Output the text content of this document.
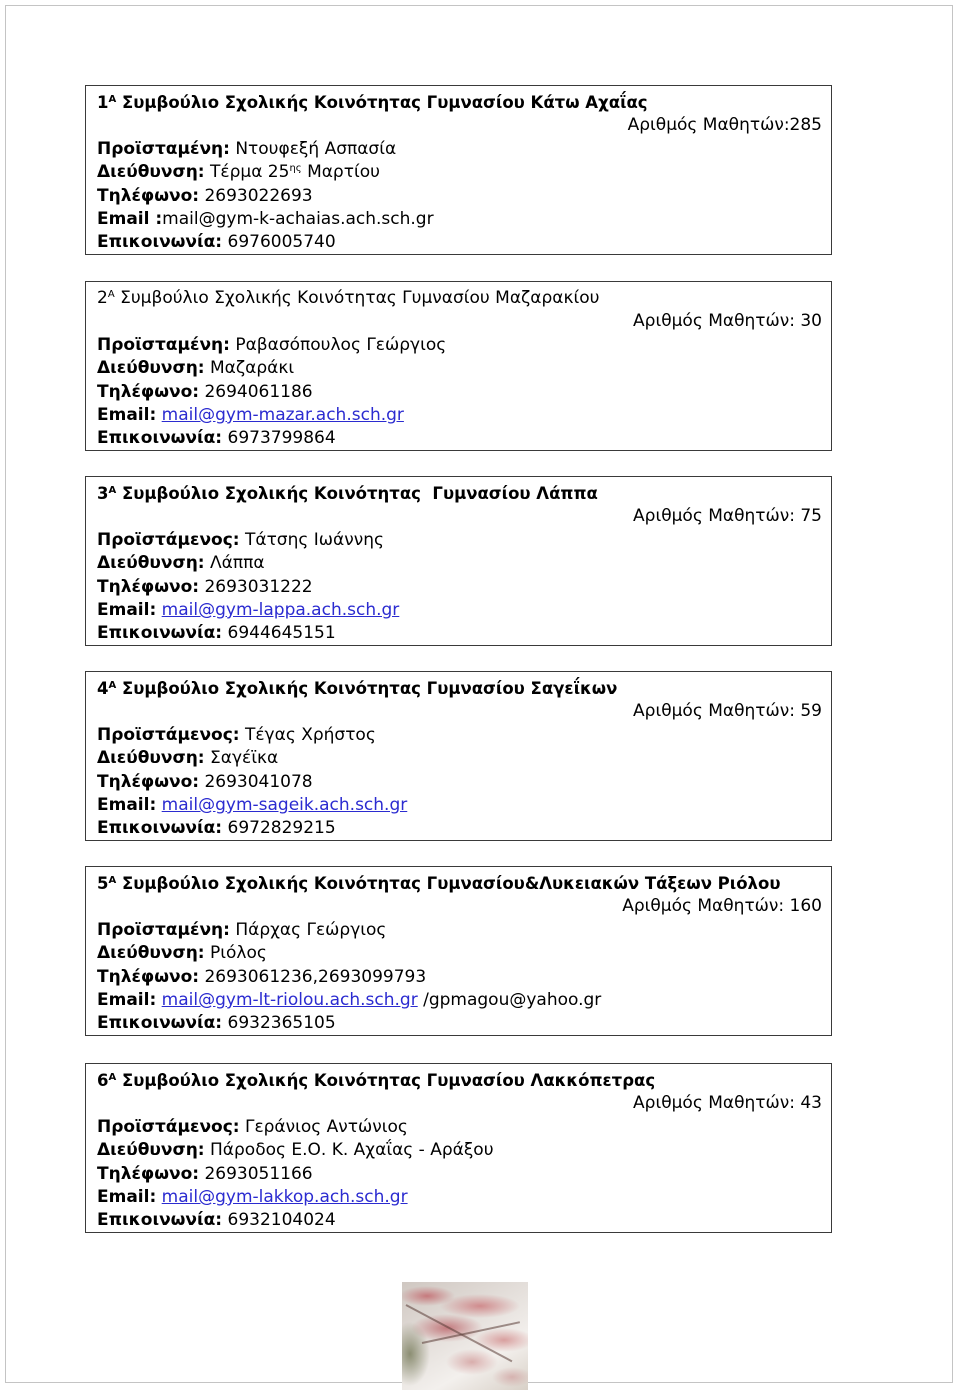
$1^A$ Συμβούλιο Σχολικής Κοινότητας Γυμνασίου Κάτω Αχαΐας
Αριθμός Μαθητών:285
Προϊσταμένη: Ντουφεξή Ασπασία
Διεύθυνση: Τέρμα $25^{\eta\varsigma}$ Μαρτίου
Τηλέφωνο: 2693022693
Email :mail@gym-k-achaias.ach.sch.gr
Επικοινωνία: 6976005740
$2^A$ Συμβούλιο Σχολικής Κοινότητας Γυμνασίου Μαζαρακίου
Αριθμός Μαθητών: 30
Προϊσταμένη: Ραβασόπουλος Γεώργιος
Διεύθυνση: Μαζαράκι
Τηλέφωνο: 2694061186
Email: mail@gym-mazar.ach.sch.gr
Επικοινωνία: 6973799864
$3^A$ Συμβούλιο Σχολικής Κοινότητας  Γυμνασίου Λάππα
Αριθμός Μαθητών: 75
Προϊστάμενος: Τάτσης Ιωάννης
Διεύθυνση: Λάππα
Τηλέφωνο: 2693031222
Email: mail@gym-lappa.ach.sch.gr
Επικοινωνία: 6944645151
$4^A$ Συμβούλιο Σχολικής Κοινότητας Γυμνασίου Σαγεΐκων
Αριθμός Μαθητών: 59
Προϊστάμενος: Τέγας Χρήστος
Διεύθυνση: Σαγέϊκα
Τηλέφωνο: 2693041078
Email: mail@gym-sageik.ach.sch.gr
Επικοινωνία: 6972829215
$5^A$ Συμβούλιο Σχολικής Κοινότητας Γυμνασίου&Λυκειακών Τάξεων Ριόλου
Αριθμός Μαθητών: 160
Προϊσταμένη: Πάρχας Γεώργιος
Διεύθυνση: Ριόλος
Τηλέφωνο: 2693061236,2693099793
Email: mail@gym-lt-riolou.ach.sch.gr /gpmagou@yahoo.gr
Επικοινωνία: 6932365105
$6^A$ Συμβούλιο Σχολικής Κοινότητας Γυμνασίου Λακκόπετρας
Αριθμός Μαθητών: 43
Προϊστάμενος: Γεράνιος Αντώνιος
Διεύθυνση: Πάροδος Ε.Ο. Κ. Αχαΐας - Αράξου
Τηλέφωνο: 2693051166
Email: mail@gym-lakkop.ach.sch.gr
Επικοινωνία: 6932104024
